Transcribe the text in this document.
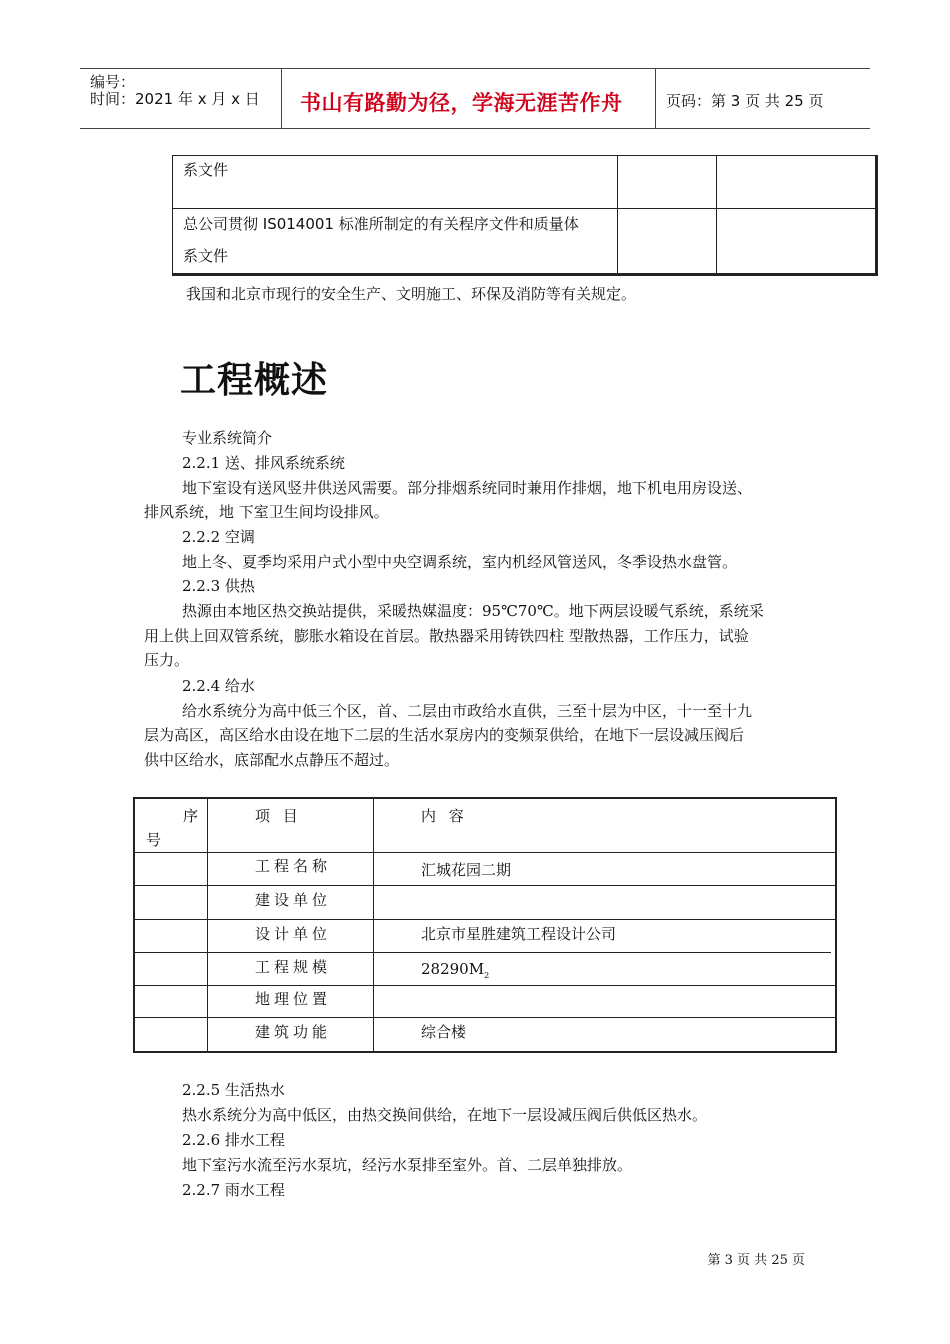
编号：
时间：2021 年 x 月 x 日 书山有路勤为径，学海无涯苦作舟	页码：第 3 页 共 25 页
系文件
总公司贯彻 IS014001 标准所制定的有关程序文件和质量体
系文件
我国和北京市现行的安全生产、文明施工、环保及消防等有关规定。
工程概述
专业系统简介
2.2.1 送、排风系统系统
地下室设有送风竖井供送风需要。部分排烟系统同时兼用作排烟，地下机电用房设送、
排风系统，地 下室卫生间均设排风。
2.2.2 空调
地上冬、夏季均采用户式小型中央空调系统，室内机经风管送风，冬季设热水盘管。
2.2.3 供热
热源由本地区热交换站提供，采暖热媒温度：95℃70℃。地下两层设暖气系统，系统采
用上供上回双管系统，膨胀水箱设在首层。散热器采用铸铁四柱 型散热器，工作压力，试验
压力。
2.2.4 给水
给水系统分为高中低三个区，首、二层由市政给水直供，三至十层为中区，十一至十九
层为高区，高区给水由设在地下二层的生活水泵房内的变频泵供给，在地下一层设减压阀后
供中区给水，底部配水点静压不超过。
序
号
项 目	内 容
工程名称	汇城花园二期
建设单位
设计单位	北京市星胜建筑工程设计公司
工程规模	$28290M_2$
地理位置
建筑功能	综合楼
2.2.5 生活热水
热水系统分为高中低区，由热交换间供给，在地下一层设减压阀后供低区热水。
2.2.6 排水工程
地下室污水流至污水泵坑，经污水泵排至室外。首、二层单独排放。
2.2.7 雨水工程
第 3 页 共 25 页
